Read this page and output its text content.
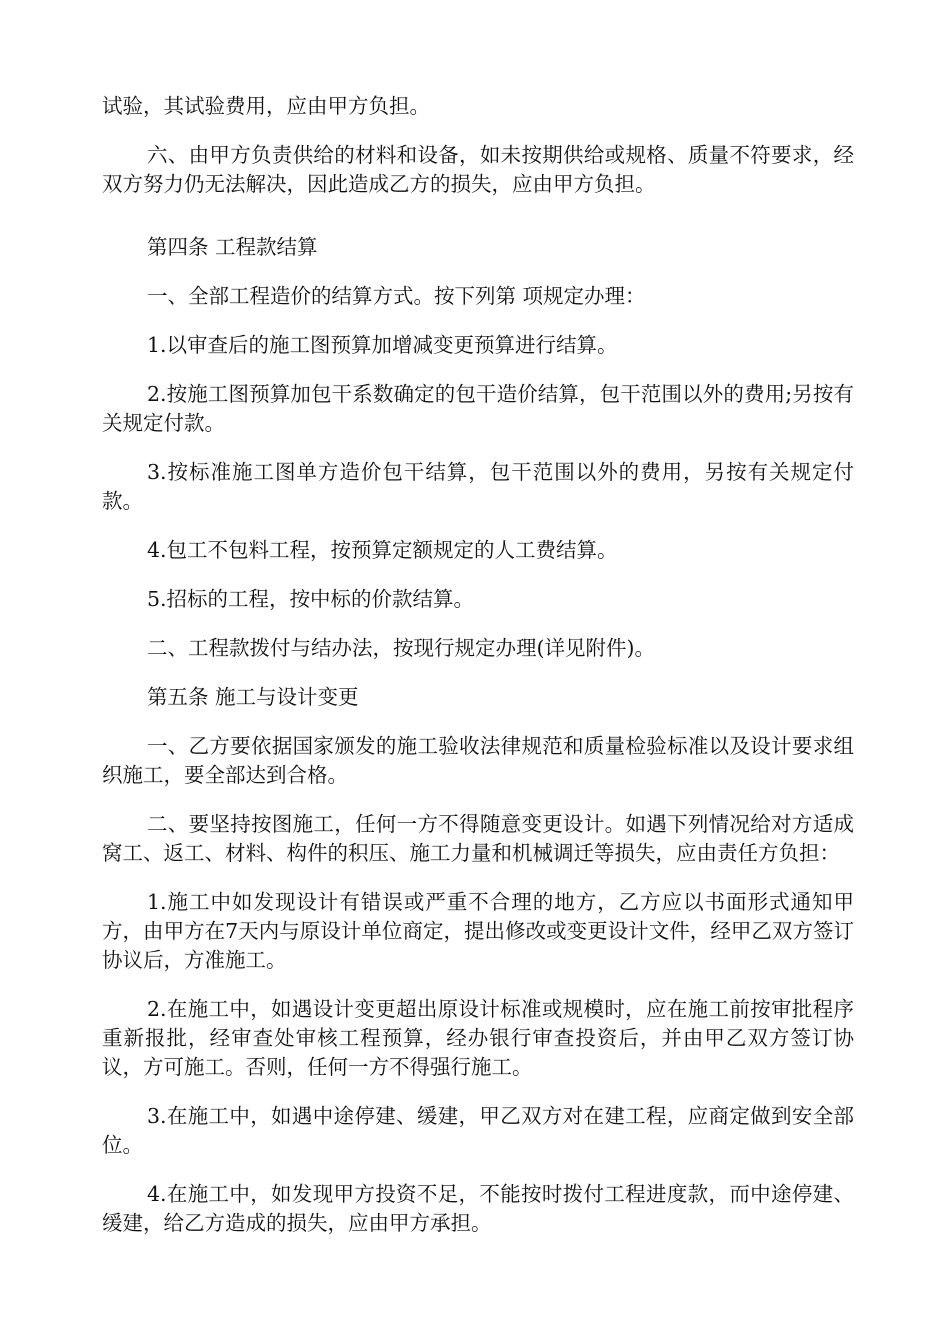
试验，其试验费用，应由甲方负担。

六、由甲方负责供给的材料和设备，如未按期供给或规格、质量不符要求，经双方努力仍无法解决，因此造成乙方的损失，应由甲方负担。

第四条 工程款结算

一、全部工程造价的结算方式。按下列第 项规定办理：

1.以审查后的施工图预算加增减变更预算进行结算。

2.按施工图预算加包干系数确定的包干造价结算，包干范围以外的费用;另按有关规定付款。

3.按标准施工图单方造价包干结算，包干范围以外的费用，另按有关规定付款。

4.包工不包料工程，按预算定额规定的人工费结算。

5.招标的工程，按中标的价款结算。

二、工程款拨付与结办法，按现行规定办理(详见附件)。

第五条 施工与设计变更

一、乙方要依据国家颁发的施工验收法律规范和质量检验标准以及设计要求组织施工，要全部达到合格。

二、要坚持按图施工，任何一方不得随意变更设计。如遇下列情况给对方适成窝工、返工、材料、构件的积压、施工力量和机械调迁等损失，应由责任方负担：

1.施工中如发现设计有错误或严重不合理的地方，乙方应以书面形式通知甲方，由甲方在7天内与原设计单位商定，提出修改或变更设计文件，经甲乙双方签订协议后，方准施工。

2.在施工中，如遇设计变更超出原设计标准或规模时，应在施工前按审批程序重新报批，经审查处审核工程预算，经办银行审查投资后，并由甲乙双方签订协议，方可施工。否则，任何一方不得强行施工。

3.在施工中，如遇中途停建、缓建，甲乙双方对在建工程，应商定做到安全部位。

4.在施工中，如发现甲方投资不足，不能按时拨付工程进度款，而中途停建、缓建，给乙方造成的损失，应由甲方承担。
